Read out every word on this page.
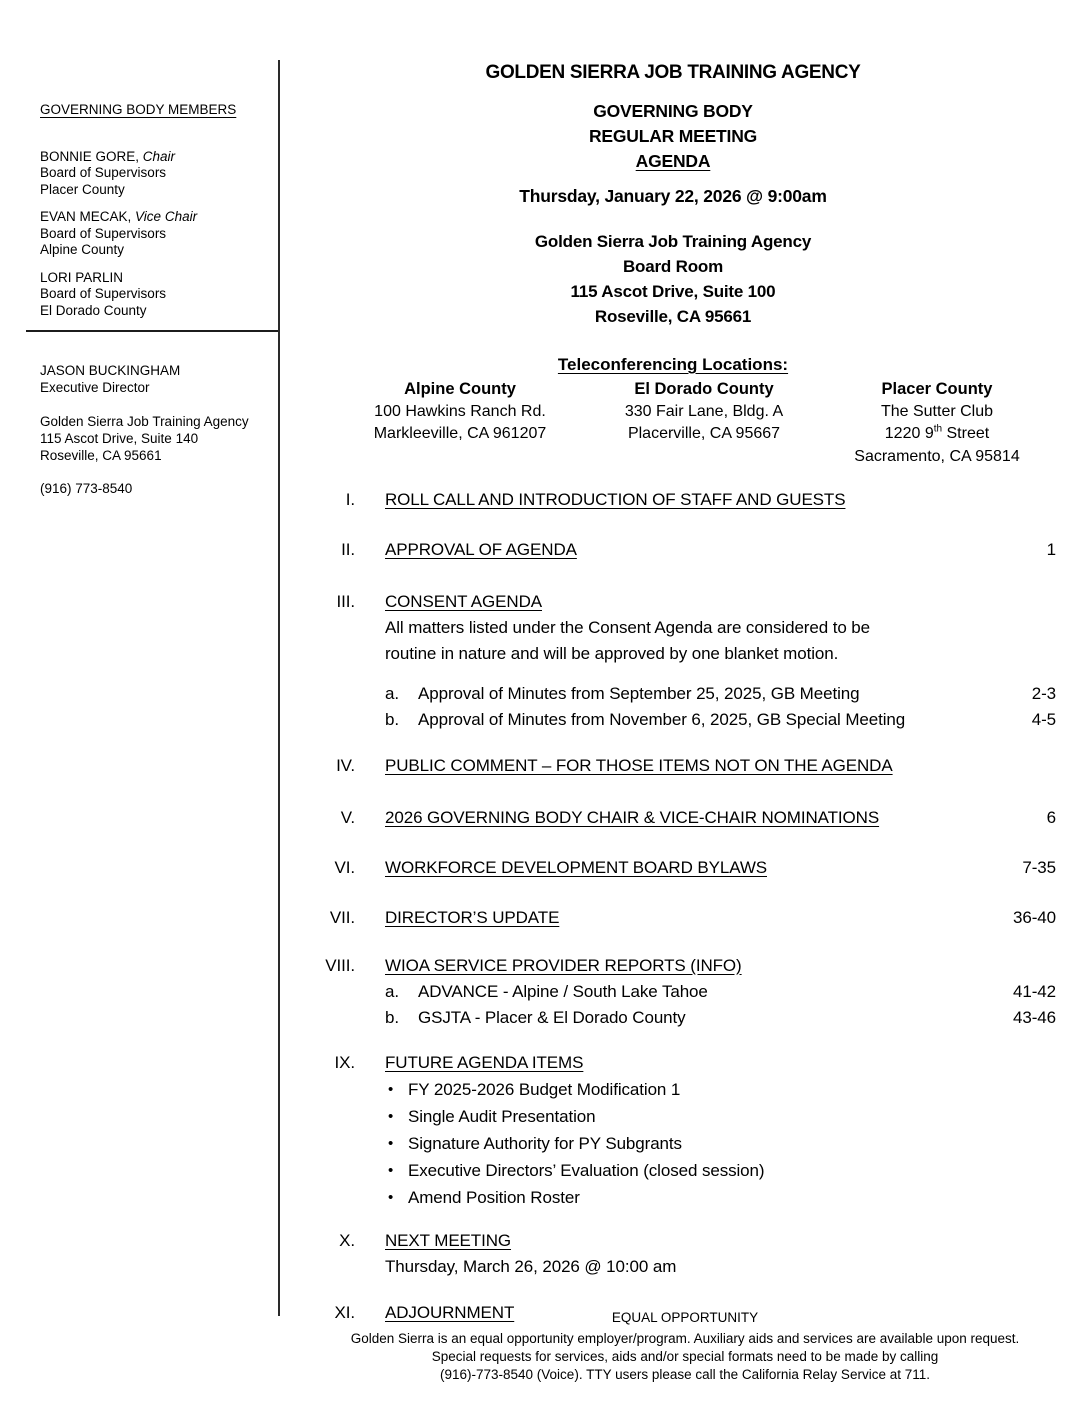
GOVERNING BODY MEMBERS
BONNIE GORE, Chair
Board of Supervisors
Placer County
EVAN MECAK, Vice Chair
Board of Supervisors
Alpine County
LORI PARLIN
Board of Supervisors
El Dorado County
JASON BUCKINGHAM
Executive Director
Golden Sierra Job Training Agency
115 Ascot Drive, Suite 140
Roseville, CA 95661
(916) 773-8540
GOLDEN SIERRA JOB TRAINING AGENCY
GOVERNING BODY
REGULAR MEETING
AGENDA
Thursday, January 22, 2026 @ 9:00am
Golden Sierra Job Training Agency
Board Room
115 Ascot Drive, Suite 100
Roseville, CA 95661
Teleconferencing Locations:
Alpine County
100 Hawkins Ranch Rd.
Markleeville, CA 961207
El Dorado County
330 Fair Lane, Bldg. A
Placerville, CA 95667
Placer County
The Sutter Club
1220 9th Street
Sacramento, CA 95814
I. ROLL CALL AND INTRODUCTION OF STAFF AND GUESTS
II. APPROVAL OF AGENDA	1
III. CONSENT AGENDA
All matters listed under the Consent Agenda are considered to be
routine in nature and will be approved by one blanket motion.
a.	Approval of Minutes from September 25, 2025, GB Meeting	2-3
b.	Approval of Minutes from November 6, 2025, GB Special Meeting	4-5
IV. PUBLIC COMMENT – FOR THOSE ITEMS NOT ON THE AGENDA
V. 2026 GOVERNING BODY CHAIR & VICE-CHAIR NOMINATIONS	6
VI. WORKFORCE DEVELOPMENT BOARD BYLAWS	7-35
VII. DIRECTOR’S UPDATE	36-40
VIII. WIOA SERVICE PROVIDER REPORTS (INFO)
a.	ADVANCE - Alpine / South Lake Tahoe	41-42
b.	GSJTA - Placer & El Dorado County	43-46
IX. FUTURE AGENDA ITEMS
• FY 2025-2026 Budget Modification 1
• Single Audit Presentation
• Signature Authority for PY Subgrants
• Executive Directors’ Evaluation (closed session)
• Amend Position Roster
X. NEXT MEETING
Thursday, March 26, 2026 @ 10:00 am
XI. ADJOURNMENT	EQUAL OPPORTUNITY
Golden Sierra is an equal opportunity employer/program. Auxiliary aids and services are available upon request.
Special requests for services, aids and/or special formats need to be made by calling
(916)-773-8540 (Voice). TTY users please call the California Relay Service at 711.
